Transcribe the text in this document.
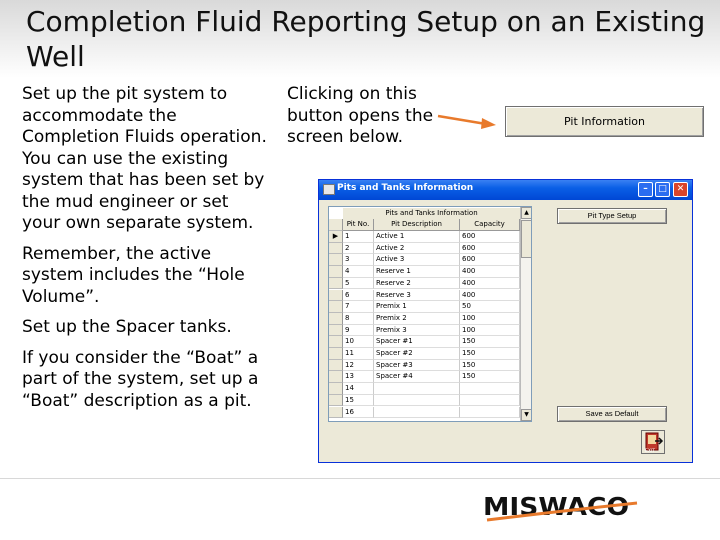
Completion Fluid Reporting Setup on an Existing Well

Set up the pit system to accommodate the Completion Fluids operation. You can use the existing system that has been set by the mud engineer or set your own separate system.

Remember, the active system includes the “Hole Volume”.

Set up the Spacer tanks.

If you consider the “Boat” a part of the system, set up a “Boat” description as a pit.

Clicking on this button opens the screen below.
Pit Information
Pits and Tanks Information	–	□	✕
Pits and Tanks Information
Pit No.	Pit Description	Capacity
▶ 1	Active 1	600
2	Active 2	600
3	Active 3	600
4	Reserve 1	400
5	Reserve 2	400
6	Reserve 3	400
7	Premix 1	50
8	Premix 2	100
9	Premix 3	100
10	Spacer #1	150
11	Spacer #2	150
12	Spacer #3	150
13	Spacer #4	150
14
15
16
▲
▼
Pit Type Setup
Save as Default
EXIT
MISWACO
